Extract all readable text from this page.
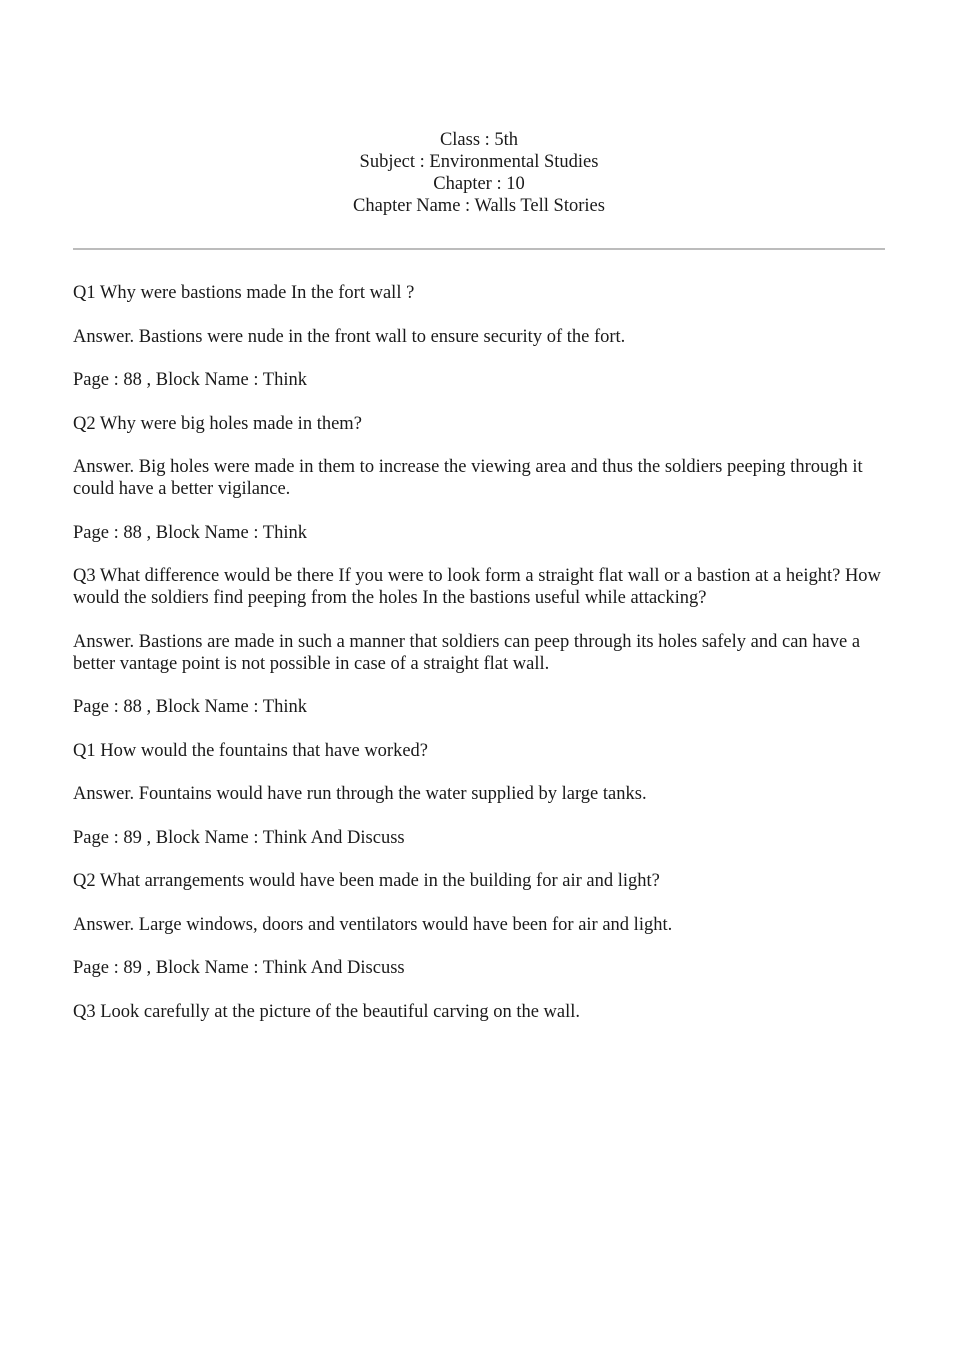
Class : 5th
Subject : Environmental Studies
Chapter : 10
Chapter Name : Walls Tell Stories

Q1 Why were bastions made In the fort wall ?

Answer. Bastions were nude in the front wall to ensure security of the fort.

Page : 88 , Block Name : Think

Q2 Why were big holes made in them?

Answer. Big holes were made in them to increase the viewing area and thus the soldiers peeping through it could have a better vigilance.

Page : 88 , Block Name : Think

Q3 What difference would be there If you were to look form a straight flat wall or a bastion at a height? How would the soldiers find peeping from the holes In the bastions useful while attacking?

Answer. Bastions are made in such a manner that soldiers can peep through its holes safely and can have a better vantage point is not possible in case of a straight flat wall.

Page : 88 , Block Name : Think

Q1 How would the fountains that have worked?

Answer. Fountains would have run through the water supplied by large tanks.

Page : 89 , Block Name : Think And Discuss

Q2 What arrangements would have been made in the building for air and light?

Answer. Large windows, doors and ventilators would have been for air and light.

Page : 89 , Block Name : Think And Discuss

Q3 Look carefully at the picture of the beautiful carving on the wall.
